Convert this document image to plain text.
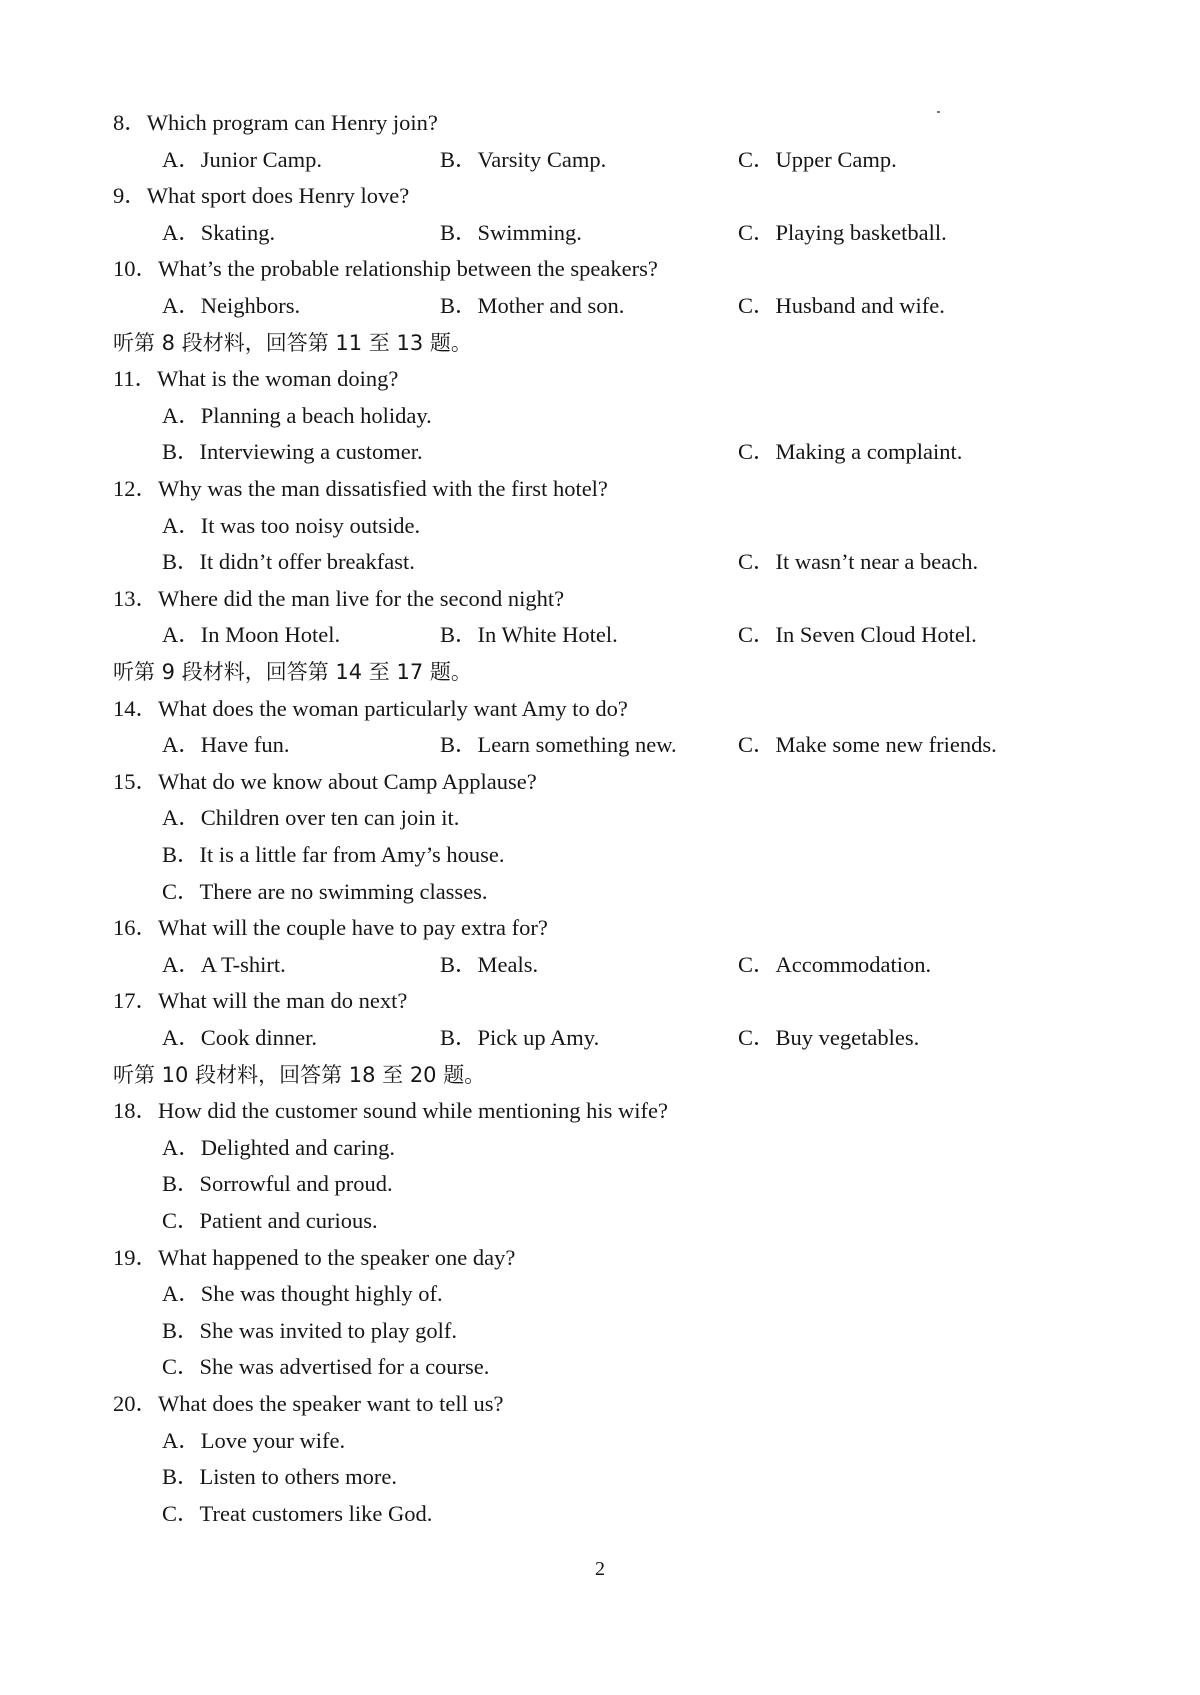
8．Which program can Henry join?
A．Junior Camp.	B．Varsity Camp.	C．Upper Camp.
9．What sport does Henry love?
A．Skating.	B．Swimming.	C．Playing basketball.
10．What’s the probable relationship between the speakers?
A．Neighbors.	B．Mother and son.	C．Husband and wife.
听第 8 段材料，回答第 11 至 13 题。
11．What is the woman doing?
A．Planning a beach holiday.
B．Interviewing a customer.	C．Making a complaint.
12．Why was the man dissatisfied with the first hotel?
A．It was too noisy outside.
B．It didn’t offer breakfast.	C．It wasn’t near a beach.
13．Where did the man live for the second night?
A．In Moon Hotel.	B．In White Hotel.	C．In Seven Cloud Hotel.
听第 9 段材料，回答第 14 至 17 题。
14．What does the woman particularly want Amy to do?
A．Have fun.	B．Learn something new.	C．Make some new friends.
15．What do we know about Camp Applause?
A．Children over ten can join it.
B．It is a little far from Amy’s house.
C．There are no swimming classes.
16．What will the couple have to pay extra for?
A．A T-shirt.	B．Meals.	C．Accommodation.
17．What will the man do next?
A．Cook dinner.	B．Pick up Amy.	C．Buy vegetables.
听第 10 段材料，回答第 18 至 20 题。
18．How did the customer sound while mentioning his wife?
A．Delighted and caring.
B．Sorrowful and proud.
C．Patient and curious.
19．What happened to the speaker one day?
A．She was thought highly of.
B．She was invited to play golf.
C．She was advertised for a course.
20．What does the speaker want to tell us?
A．Love your wife.
B．Listen to others more.
C．Treat customers like God.
2
